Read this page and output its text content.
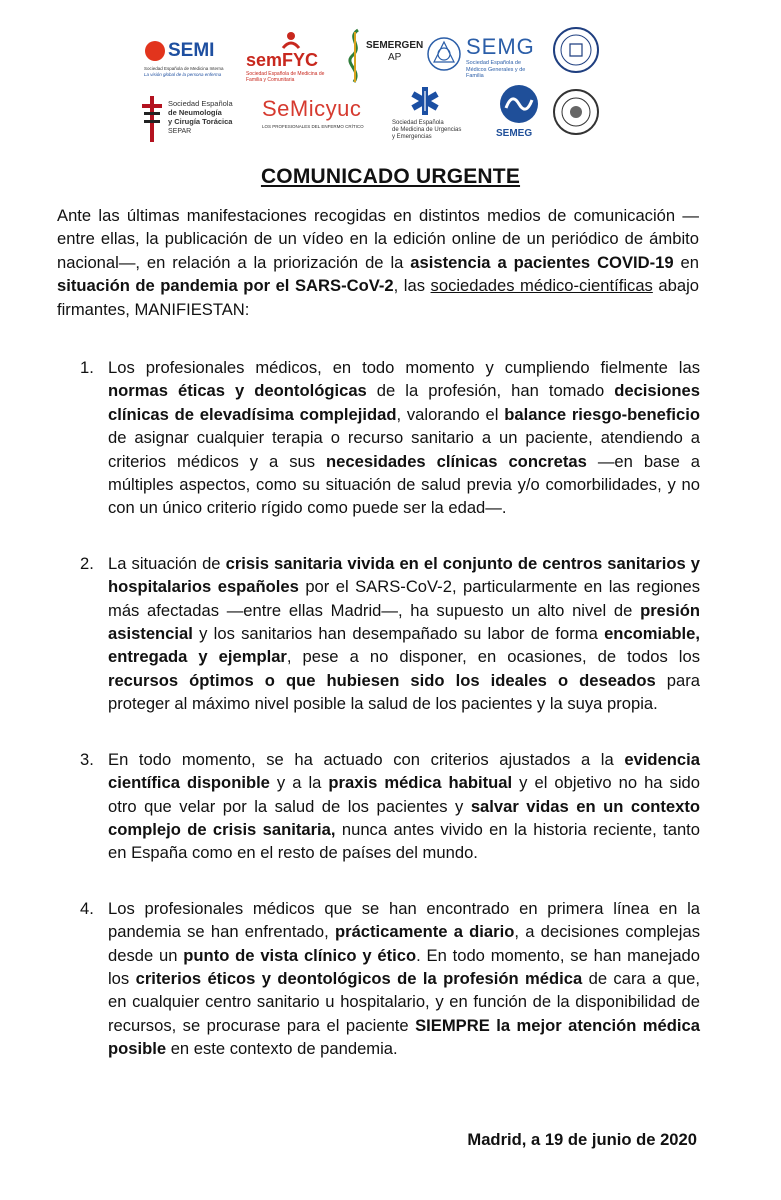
SEMI
Sociedad Española de Medicina Interna
La visión global de la persona enferma
semFYC
Sociedad Española de Medicina de Familia y Comunitaria
SEMERGEN
AP	SEMG
Sociedad Española de Médicos Generales y de Familia
Sociedad Española
de Neumología
y Cirugía Torácica
SEPAR
SeMicyuc
LOS PROFESIONALES DEL ENFERMO CRÍTICO
Sociedad Española
de Medicina de Urgencias
y Emergencias	SEMEG
COMUNICADO URGENTE
Ante las últimas manifestaciones recogidas en distintos medios de comunicación —entre ellas, la publicación de un vídeo en la edición online de un periódico de ámbito nacional—, en relación a la priorización de la asistencia a pacientes COVID-19 en situación de pandemia por el SARS-CoV-2, las sociedades médico-científicas abajo firmantes, MANIFIESTAN:
1. Los profesionales médicos, en todo momento y cumpliendo fielmente las normas éticas y deontológicas de la profesión, han tomado decisiones clínicas de elevadísima complejidad, valorando el balance riesgo-beneficio de asignar cualquier terapia o recurso sanitario a un paciente, atendiendo a criterios médicos y a sus necesidades clínicas concretas —en base a múltiples aspectos, como su situación de salud previa y/o comorbilidades, y no con un único criterio rígido como puede ser la edad—.
2. La situación de crisis sanitaria vivida en el conjunto de centros sanitarios y hospitalarios españoles por el SARS-CoV-2, particularmente en las regiones más afectadas —entre ellas Madrid—, ha supuesto un alto nivel de presión asistencial y los sanitarios han desempañado su labor de forma encomiable, entregada y ejemplar, pese a no disponer, en ocasiones, de todos los recursos óptimos o que hubiesen sido los ideales o deseados para proteger al máximo nivel posible la salud de los pacientes y la suya propia.
3. En todo momento, se ha actuado con criterios ajustados a la evidencia científica disponible y a la praxis médica habitual y el objetivo no ha sido otro que velar por la salud de los pacientes y salvar vidas en un contexto complejo de crisis sanitaria, nunca antes vivido en la historia reciente, tanto en España como en el resto de países del mundo.
4. Los profesionales médicos que se han encontrado en primera línea en la pandemia se han enfrentado, prácticamente a diario, a decisiones complejas desde un punto de vista clínico y ético. En todo momento, se han manejado los criterios éticos y deontológicos de la profesión médica de cara a que, en cualquier centro sanitario u hospitalario, y en función de la disponibilidad de recursos, se procurase para el paciente SIEMPRE la mejor atención médica posible en este contexto de pandemia.
Madrid, a 19 de junio de 2020
